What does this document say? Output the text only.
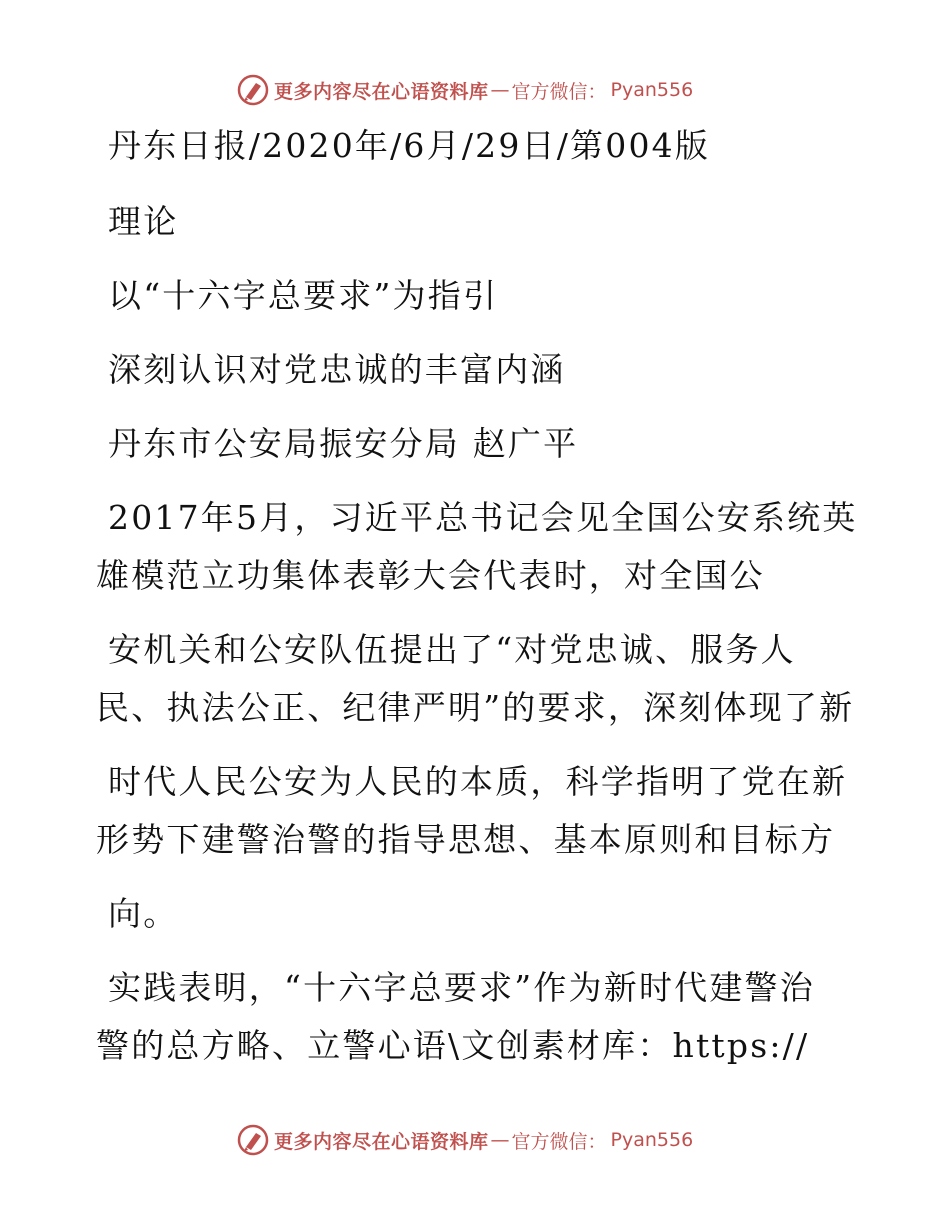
更多内容尽在心语资料库 — 官方微信： Pyan556
丹东日报/2020年/6月/29日/第004版
理论
以“十六字总要求”为指引
深刻认识对党忠诚的丰富内涵
丹东市公安局振安分局 赵广平
2017年5月，习近平总书记会见全国公安系统英
雄模范立功集体表彰大会代表时，对全国公
安机关和公安队伍提出了“对党忠诚、服务人
民、执法公正、纪律严明”的要求，深刻体现了新
时代人民公安为人民的本质，科学指明了党在新
形势下建警治警的指导思想、基本原则和目标方
向。
实践表明，“十六字总要求”作为新时代建警治
警的总方略、立警心语\文创素材库：https://
更多内容尽在心语资料库 — 官方微信： Pyan556
